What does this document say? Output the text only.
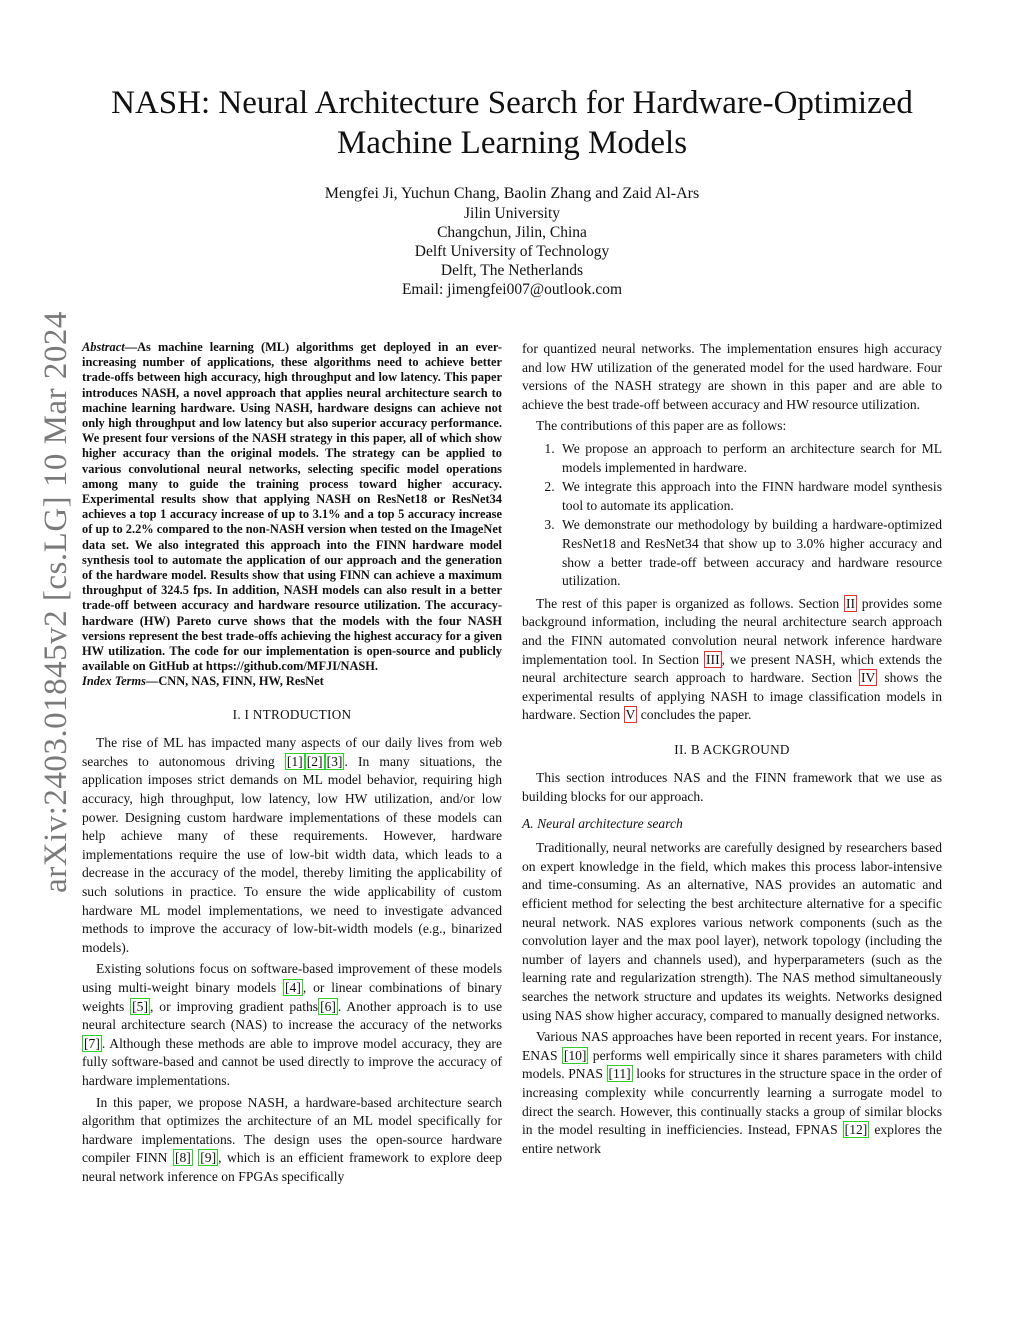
arXiv:2403.01845v2 [cs.LG] 10 Mar 2024
NASH: Neural Architecture Search for Hardware-Optimized
Machine Learning Models
Mengfei Ji, Yuchun Chang, Baolin Zhang and Zaid Al-Ars
Jilin University
Changchun, Jilin, China
Delft University of Technology
Delft, The Netherlands
Email: jimengfei007@outlook.com
Abstract—As machine learning (ML) algorithms get deployed in an ever-increasing number of applications, these algorithms need to achieve better trade-offs between high accuracy, high throughput and low latency. This paper introduces NASH, a novel approach that applies neural architecture search to machine learning hardware. Using NASH, hardware designs can achieve not only high throughput and low latency but also superior accuracy performance. We present four versions of the NASH strategy in this paper, all of which show higher accuracy than the original models. The strategy can be applied to various convolutional neural networks, selecting specific model operations among many to guide the training process toward higher accuracy. Experimental results show that applying NASH on ResNet18 or ResNet34 achieves a top 1 accuracy increase of up to 3.1% and a top 5 accuracy increase of up to 2.2% compared to the non-NASH version when tested on the ImageNet data set. We also integrated this approach into the FINN hardware model synthesis tool to automate the application of our approach and the generation of the hardware model. Results show that using FINN can achieve a maximum throughput of 324.5 fps. In addition, NASH models can also result in a better trade-off between accuracy and hardware resource utilization. The accuracy-hardware (HW) Pareto curve shows that the models with the four NASH versions represent the best trade-offs achieving the highest accuracy for a given HW utilization. The code for our implementation is open-source and publicly available on GitHub at https://github.com/MFJI/NASH.
Index Terms—CNN, NAS, FINN, HW, ResNet
I. I NTRODUCTION

The rise of ML has impacted many aspects of our daily lives from web searches to autonomous driving [1] [2] [3] . In many situations, the application imposes strict demands on ML model behavior, requiring high accuracy, high throughput, low latency, low HW utilization, and/or low power. Designing custom hardware implementations of these models can help achieve many of these requirements. However, hardware implementations require the use of low-bit width data, which leads to a decrease in the accuracy of the model, thereby limiting the applicability of such solutions in practice. To ensure the wide applicability of custom hardware ML model implementations, we need to investigate advanced methods to improve the accuracy of low-bit-width models (e.g., binarized models).

Existing solutions focus on software-based improvement of these models using multi-weight binary models [4] , or linear combinations of binary weights [5] , or improving gradient paths [6] . Another approach is to use neural architecture search (NAS) to increase the accuracy of the networks [7] . Although these methods are able to improve model accuracy, they are fully software-based and cannot be used directly to improve the accuracy of hardware implementations.

In this paper, we propose NASH, a hardware-based architecture search algorithm that optimizes the architecture of an ML model specifically for hardware implementations. The design uses the open-source hardware compiler FINN [8] [9] , which is an efficient framework to explore deep neural network inference on FPGAs specifically

for quantized neural networks. The implementation ensures high accuracy and low HW utilization of the generated model for the used hardware. Four versions of the NASH strategy are shown in this paper and are able to achieve the best trade-off between accuracy and HW resource utilization.

The contributions of this paper are as follows:

1. We propose an approach to perform an architecture search for ML models implemented in hardware.
2. We integrate this approach into the FINN hardware model synthesis tool to automate its application.
3. We demonstrate our methodology by building a hardware-optimized ResNet18 and ResNet34 that show up to 3.0% higher accuracy and show a better trade-off between accuracy and hardware resource utilization.

The rest of this paper is organized as follows. Section II provides some background information, including the neural architecture search approach and the FINN automated convolution neural network inference hardware implementation tool. In Section III , we present NASH, which extends the neural architecture search approach to hardware. Section IV shows the experimental results of applying NASH to image classification models in hardware. Section V concludes the paper.

II. B ACKGROUND

This section introduces NAS and the FINN framework that we use as building blocks for our approach.

A. Neural architecture search

Traditionally, neural networks are carefully designed by researchers based on expert knowledge in the field, which makes this process labor-intensive and time-consuming. As an alternative, NAS provides an automatic and efficient method for selecting the best architecture alternative for a specific neural network. NAS explores various network components (such as the convolution layer and the max pool layer), network topology (including the number of layers and channels used), and hyperparameters (such as the learning rate and regularization strength). The NAS method simultaneously searches the network structure and updates its weights. Networks designed using NAS show higher accuracy, compared to manually designed networks.

Various NAS approaches have been reported in recent years. For instance, ENAS [10] performs well empirically since it shares parameters with child models. PNAS [11] looks for structures in the structure space in the order of increasing complexity while concurrently learning a surrogate model to direct the search. However, this continually stacks a group of similar blocks in the model resulting in inefficiencies. Instead, FPNAS [12] explores the entire network
